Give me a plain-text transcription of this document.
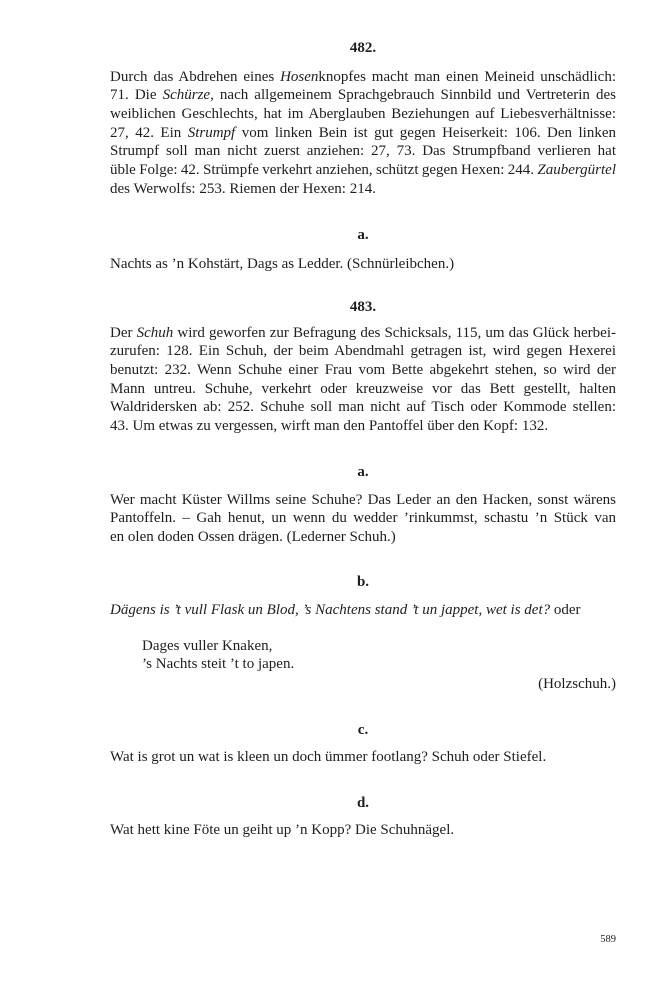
482.
Durch das Abdrehen eines Hosenknopfes macht man einen Meineid unschädlich:
71. Die Schürze, nach allgemeinem Sprachgebrauch Sinnbild und Vertreterin des
weiblichen Geschlechts, hat im Aberglauben Beziehungen auf Liebesverhältnisse:
27, 42. Ein Strumpf vom linken Bein ist gut gegen Heiserkeit: 106. Den linken
Strumpf soll man nicht zuerst anziehen: 27, 73. Das Strumpfband verlieren hat
üble Folge: 42. Strümpfe verkehrt anziehen, schützt gegen Hexen: 244. Zaubergürtel
des Werwolfs: 253. Riemen der Hexen: 214.
a.
Nachts as ’n Kohstärt, Dags as Ledder. (Schnürleibchen.)
483.
Der Schuh wird geworfen zur Befragung des Schicksals, 115, um das Glück herbei-
zurufen: 128. Ein Schuh, der beim Abendmahl getragen ist, wird gegen Hexerei
benutzt: 232. Wenn Schuhe einer Frau vom Bette abgekehrt stehen, so wird der
Mann untreu. Schuhe, verkehrt oder kreuzweise vor das Bett gestellt, halten
Waldridersken ab: 252. Schuhe soll man nicht auf Tisch oder Kommode stellen:
43. Um etwas zu vergessen, wirft man den Pantoffel über den Kopf: 132.
a.
Wer macht Küster Willms seine Schuhe? Das Leder an den Hacken, sonst wärens
Pantoffeln. – Gah henut, un wenn du wedder ’rinkummst, schastu ’n Stück van
en olen doden Ossen drägen. (Lederner Schuh.)
b.
Dägens is ’t vull Flask un Blod, ’s Nachtens stand ’t un jappet, wet is det? oder
Dages vuller Knaken,
’s Nachts steit ’t to japen.
(Holzschuh.)
c.
Wat is grot un wat is kleen un doch ümmer footlang? Schuh oder Stiefel.
d.
Wat hett kine Föte un geiht up ’n Kopp? Die Schuhnägel.
589
